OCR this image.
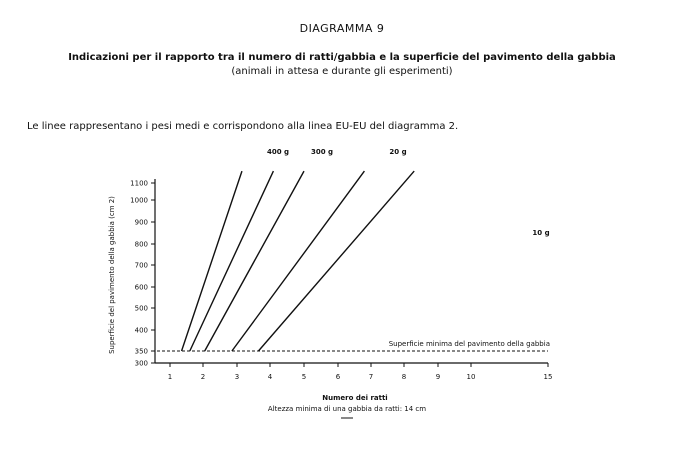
DIAGRAMMA 9
Indicazioni per il rapporto tra il numero di ratti/gabbia e la superficie del pavimento della gabbia
(animali in attesa e durante gli esperimenti)
Le linee rappresentano i pesi medi e corrispondono alla linea EU-EU del diagramma 2.
300
350
400
500
600
700
800
900
1000
1100
1	2	3	4	5	6	7	8	9	10	15
Superficie minima del pavimento della gabbia
400 g	300 g	20 g
10 g
Numero dei ratti
Altezza minima di una gabbia da ratti: 14 cm
Superficie del pavimento della gabbia (cm 2)
